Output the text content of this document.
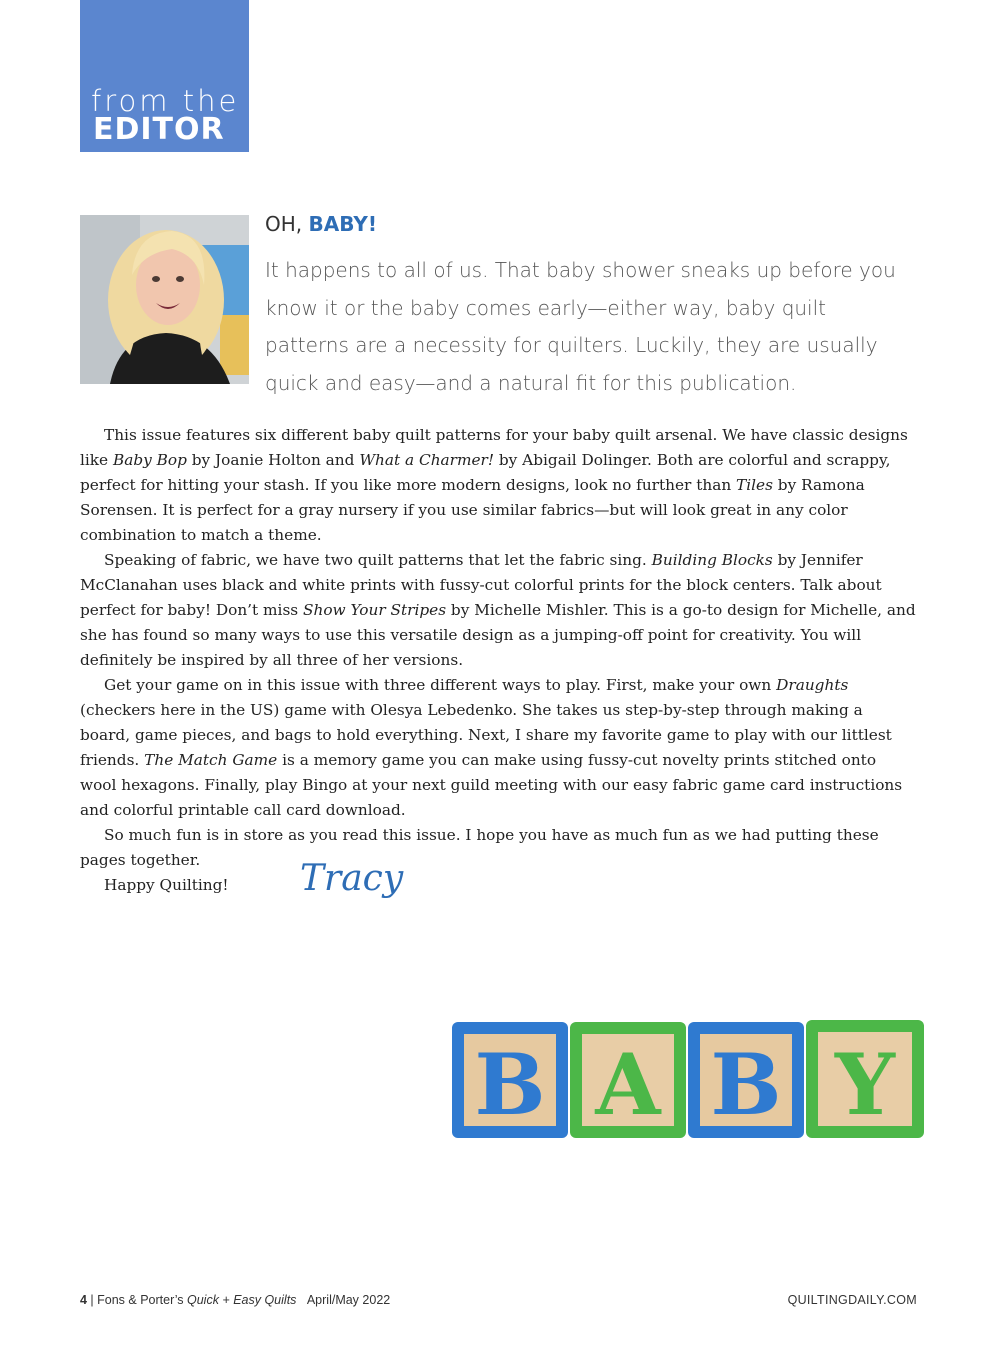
from the
EDITOR
OH, BABY!
It happens to all of us. That baby shower sneaks up before you know it or the baby comes early—either way, baby quilt patterns are a necessity for quilters. Luckily, they are usually quick and easy—and a natural fit for this publication.

This issue features six different baby quilt patterns for your baby quilt arsenal. We have classic designs like Baby Bop by Joanie Holton and What a Charmer! by Abigail Dolinger. Both are colorful and scrappy, perfect for hitting your stash. If you like more modern designs, look no further than Tiles by Ramona Sorensen. It is perfect for a gray nursery if you use similar fabrics—but will look great in any color combination to match a theme.

Speaking of fabric, we have two quilt patterns that let the fabric sing. Building Blocks by Jennifer McClanahan uses black and white prints with fussy-cut colorful prints for the block centers. Talk about perfect for baby! Don’t miss Show Your Stripes by Michelle Mishler. This is a go-to design for Michelle, and she has found so many ways to use this versatile design as a jumping-off point for creativity. You will definitely be inspired by all three of her versions.

Get your game on in this issue with three different ways to play. First, make your own Draughts (checkers here in the US) game with Olesya Lebedenko. She takes us step-by-step through making a board, game pieces, and bags to hold everything. Next, I share my favorite game to play with our littlest friends. The Match Game is a memory game you can make using fussy-cut novelty prints stitched onto wool hexagons. Finally, play Bingo at your next guild meeting with our easy fabric game card instructions and colorful printable call card download.

So much fun is in store as you read this issue. I hope you have as much fun as we had putting these pages together.

Happy Quilting!	Tracy
B A B Y
4 | Fons & Porter’s Quick + Easy Quilts April/May 2022	QUILTINGDAILY.COM
